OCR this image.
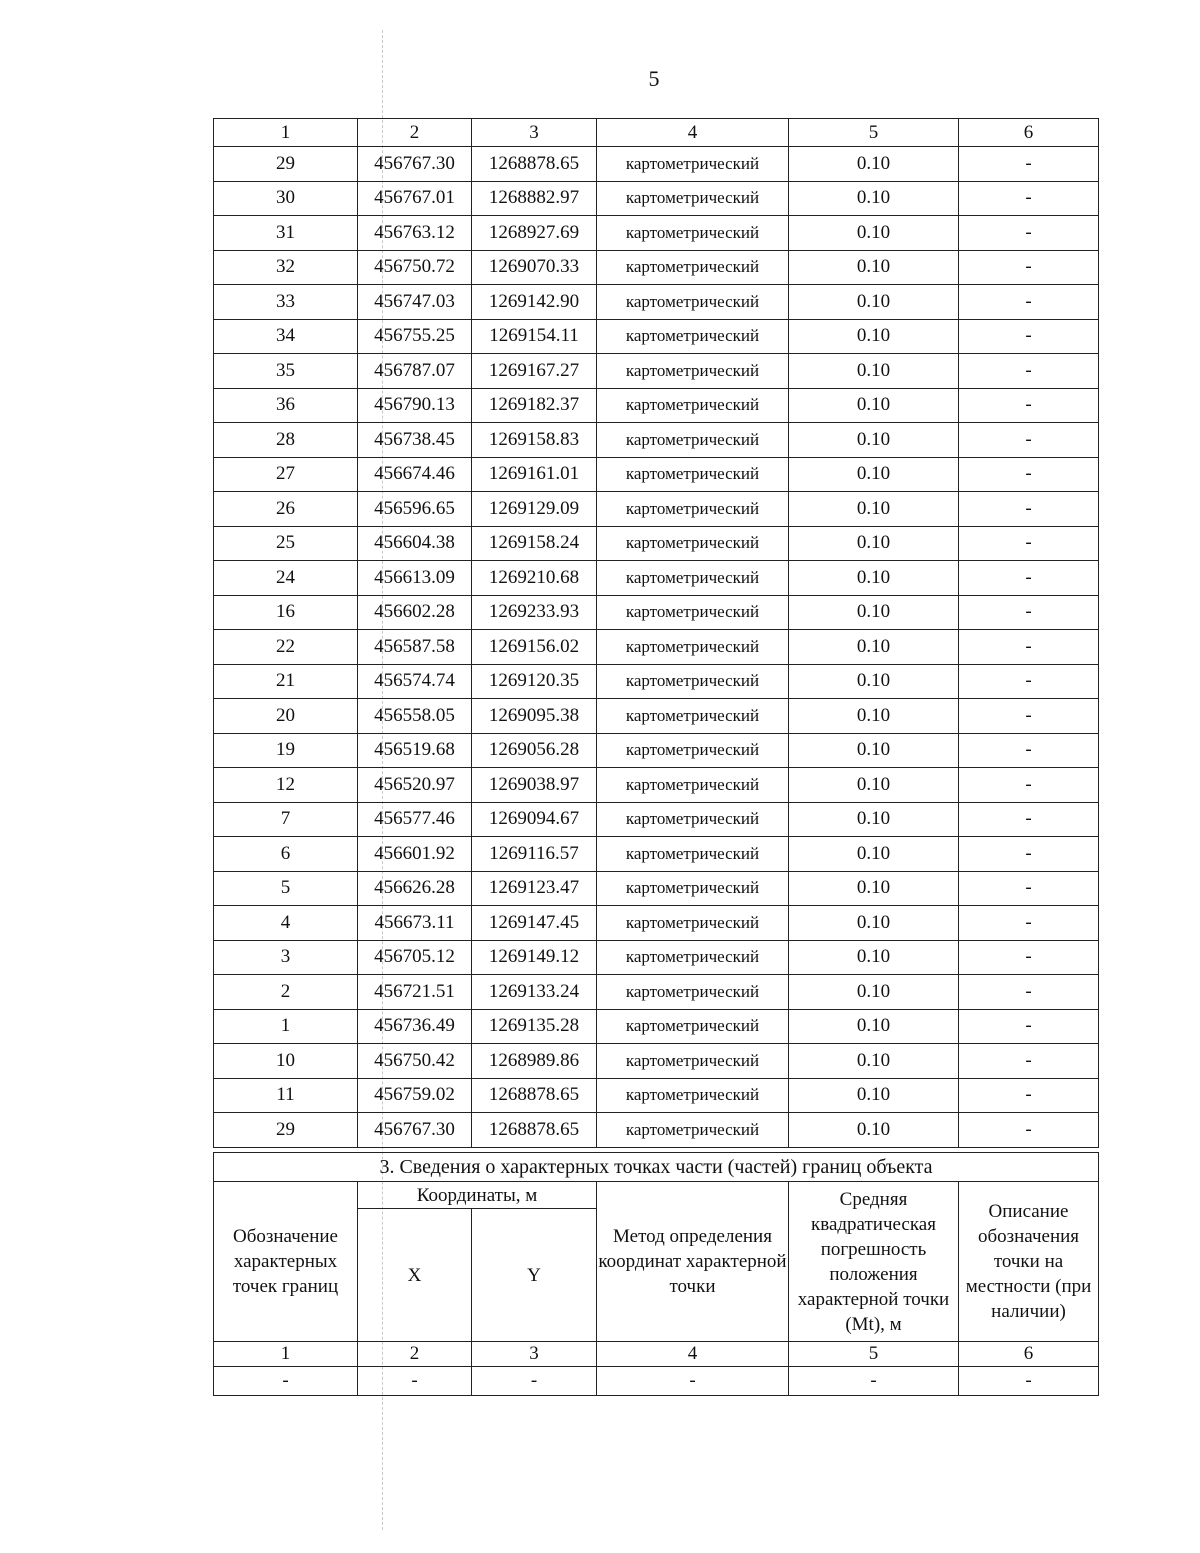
5
1	2	3	4	5	6
29	456767.30	1268878.65	картометрический	0.10	-
30	456767.01	1268882.97	картометрический	0.10	-
31	456763.12	1268927.69	картометрический	0.10	-
32	456750.72	1269070.33	картометрический	0.10	-
33	456747.03	1269142.90	картометрический	0.10	-
34	456755.25	1269154.11	картометрический	0.10	-
35	456787.07	1269167.27	картометрический	0.10	-
36	456790.13	1269182.37	картометрический	0.10	-
28	456738.45	1269158.83	картометрический	0.10	-
27	456674.46	1269161.01	картометрический	0.10	-
26	456596.65	1269129.09	картометрический	0.10	-
25	456604.38	1269158.24	картометрический	0.10	-
24	456613.09	1269210.68	картометрический	0.10	-
16	456602.28	1269233.93	картометрический	0.10	-
22	456587.58	1269156.02	картометрический	0.10	-
21	456574.74	1269120.35	картометрический	0.10	-
20	456558.05	1269095.38	картометрический	0.10	-
19	456519.68	1269056.28	картометрический	0.10	-
12	456520.97	1269038.97	картометрический	0.10	-
7	456577.46	1269094.67	картометрический	0.10	-
6	456601.92	1269116.57	картометрический	0.10	-
5	456626.28	1269123.47	картометрический	0.10	-
4	456673.11	1269147.45	картометрический	0.10	-
3	456705.12	1269149.12	картометрический	0.10	-
2	456721.51	1269133.24	картометрический	0.10	-
1	456736.49	1269135.28	картометрический	0.10	-
10	456750.42	1268989.86	картометрический	0.10	-
11	456759.02	1268878.65	картометрический	0.10	-
29	456767.30	1268878.65	картометрический	0.10	-
3. Сведения о характерных точках части (частей) границ объекта					
Обозначение характерных точек границ	Координаты, м		Метод определения координат характерной точки	Средняя квадратическая погрешность положения характерной точки (Mt), м	Описание обозначения точки на местности (при наличии)
	X	Y			
1	2	3	4	5	6
-	-	-	-	-	-
